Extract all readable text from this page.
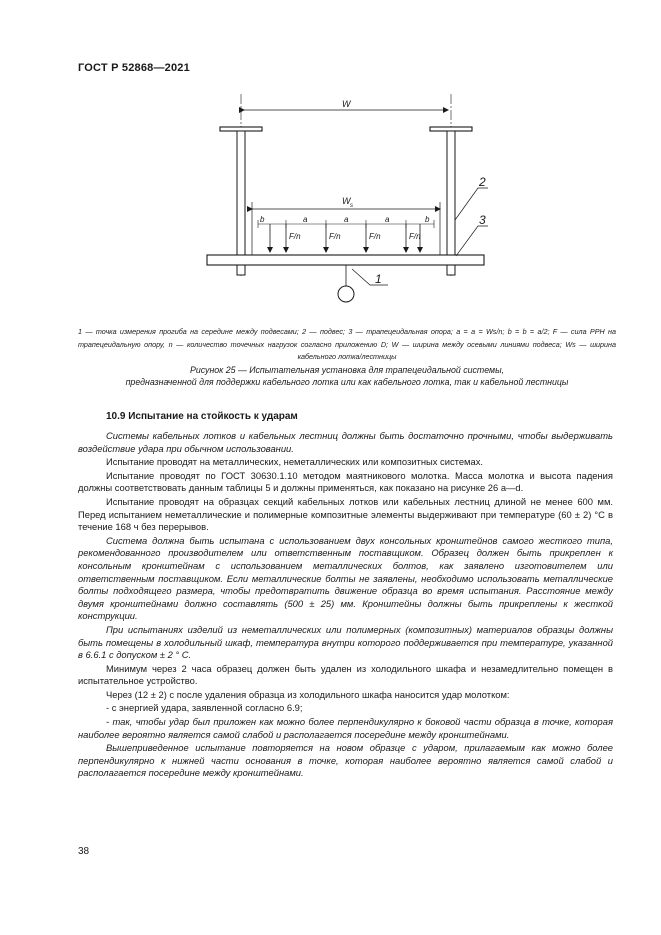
ГОСТ Р 52868—2021
W
W s
b	a	a	a	b
F/n	F/n	F/n	F/n
1
2
3
1 — точка измерения прогиба на середине между подвесами; 2 — подвес; 3 — трапецеидальная опора; a = a = Ws/n; b = b = a/2; F — сила РРН на трапецеидальную опору, n — количество точечных нагрузок согласно приложению D; W — ширина между осевыми линиями подвеса; Ws — ширина кабельного лотка/лестницы
Рисунок 25 — Испытательная установка для трапецеидальной системы,
предназначенной для поддержки кабельного лотка или как кабельного лотка, так и кабельной лестницы
10.9 Испытание на стойкость к ударам

Системы кабельных лотков и кабельных лестниц должны быть достаточно прочными, чтобы выдерживать воздействие удара при обычном использовании.

Испытание проводят на металлических, неметаллических или композитных системах.

Испытание проводят по ГОСТ 30630.1.10 методом маятникового молотка. Масса молотка и высота падения должны соответствовать данным таблицы 5 и должны применяться, как показано на рисунке 26 а—d.

Испытание проводят на образцах секций кабельных лотков или кабельных лестниц длиной не менее 600 мм. Перед испытанием неметаллические и полимерные композитные элементы выдерживают при температуре (60 ± 2) °С в течение 168 ч без перерывов.

Система должна быть испытана с использованием двух консольных кронштейнов самого жесткого типа, рекомендованного производителем или ответственным поставщиком. Образец должен быть прикреплен к консольным кронштейнам с использованием металлических болтов, как заявлено изготовителем или ответственным поставщиком. Если металлические болты не заявлены, необходимо использовать металлические болты подходящего размера, чтобы предотвратить движение образца во время испытания. Расстояние между двумя кронштейнами должно составлять (500 ± 25) мм. Кронштейны должны быть прикреплены к жесткой конструкции.

При испытаниях изделий из неметаллических или полимерных (композитных) материалов образцы должны быть помещены в холодильный шкаф, температура внутри которого поддерживается при температуре, указанной в 6.6.1 с допуском ± 2 ° С.

Минимум через 2 часа образец должен быть удален из холодильного шкафа и незамедлительно помещен в испытательное устройство.

Через (12 ± 2) с после удаления образца из холодильного шкафа наносится удар молотком:

- с энергией удара, заявленной согласно 6.9;

- так, чтобы удар был приложен как можно более перпендикулярно к боковой части образца в точке, которая наиболее вероятно является самой слабой и располагается посередине между кронштейнами.

Вышеприведенное испытание повторяется на новом образце с ударом, прилагаемым как можно более перпендикулярно к нижней части основания в точке, которая наиболее вероятно является самой слабой и располагается посередине между кронштейнами.

38
